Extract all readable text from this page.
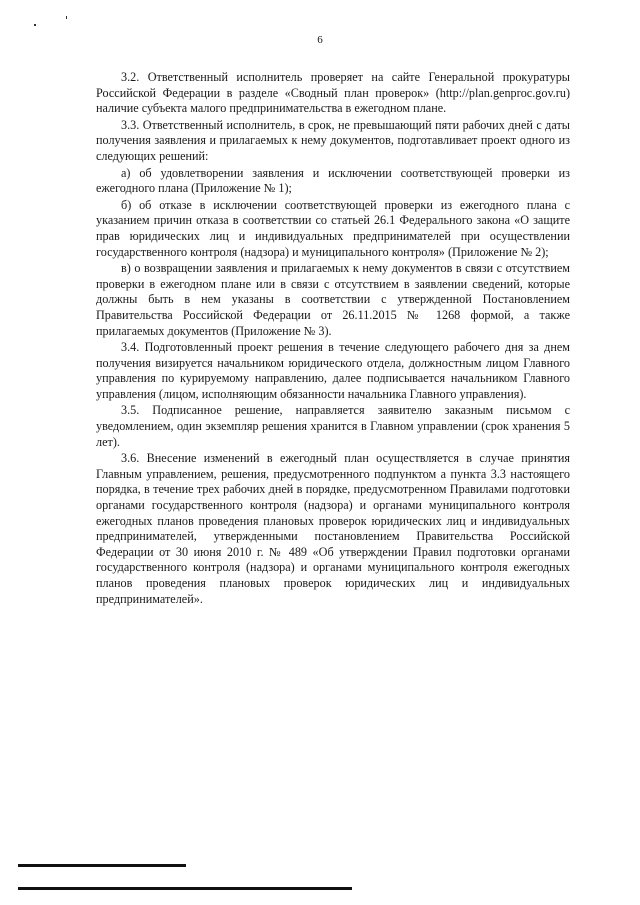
6

3.2. Ответственный исполнитель проверяет на сайте Генеральной прокуратуры Российской Федерации в разделе «Сводный план проверок» (http://plan.genproc.gov.ru) наличие субъекта малого предпринимательства в ежегодном плане.

3.3. Ответственный исполнитель, в срок, не превышающий пяти рабочих дней с даты получения заявления и прилагаемых к нему документов, подготавливает проект одного из следующих решений:

а) об удовлетворении заявления и исключении соответствующей проверки из ежегодного плана (Приложение № 1);

б) об отказе в исключении соответствующей проверки из ежегодного плана с указанием причин отказа в соответствии со статьей 26.1 Федерального закона «О защите прав юридических лиц и индивидуальных предпринимателей при осуществлении государственного контроля (надзора) и муниципального контроля» (Приложение № 2);

в) о возвращении заявления и прилагаемых к нему документов в связи с отсутствием проверки в ежегодном плане или в связи с отсутствием в заявлении сведений, которые должны быть в нем указаны в соответствии с утвержденной Постановлением Правительства Российской Федерации от 26.11.2015 № 1268 формой, а также прилагаемых документов (Приложение № 3).

3.4. Подготовленный проект решения в течение следующего рабочего дня за днем получения визируется начальником юридического отдела, должностным лицом Главного управления по курируемому направлению, далее подписывается начальником Главного управления (лицом, исполняющим обязанности начальника Главного управления).

3.5. Подписанное решение, направляется заявителю заказным письмом с уведомлением, один экземпляр решения хранится в Главном управлении (срок хранения 5 лет).

3.6. Внесение изменений в ежегодный план осуществляется в случае принятия Главным управлением, решения, предусмотренного подпунктом а пункта 3.3 настоящего порядка, в течение трех рабочих дней в порядке, предусмотренном Правилами подготовки органами государственного контроля (надзора) и органами муниципального контроля ежегодных планов проведения плановых проверок юридических лиц и индивидуальных предпринимателей, утвержденными постановлением Правительства Российской Федерации от 30 июня 2010 г. № 489 «Об утверждении Правил подготовки органами государственного контроля (надзора) и органами муниципального контроля ежегодных планов проведения плановых проверок юридических лиц и индивидуальных предпринимателей».
